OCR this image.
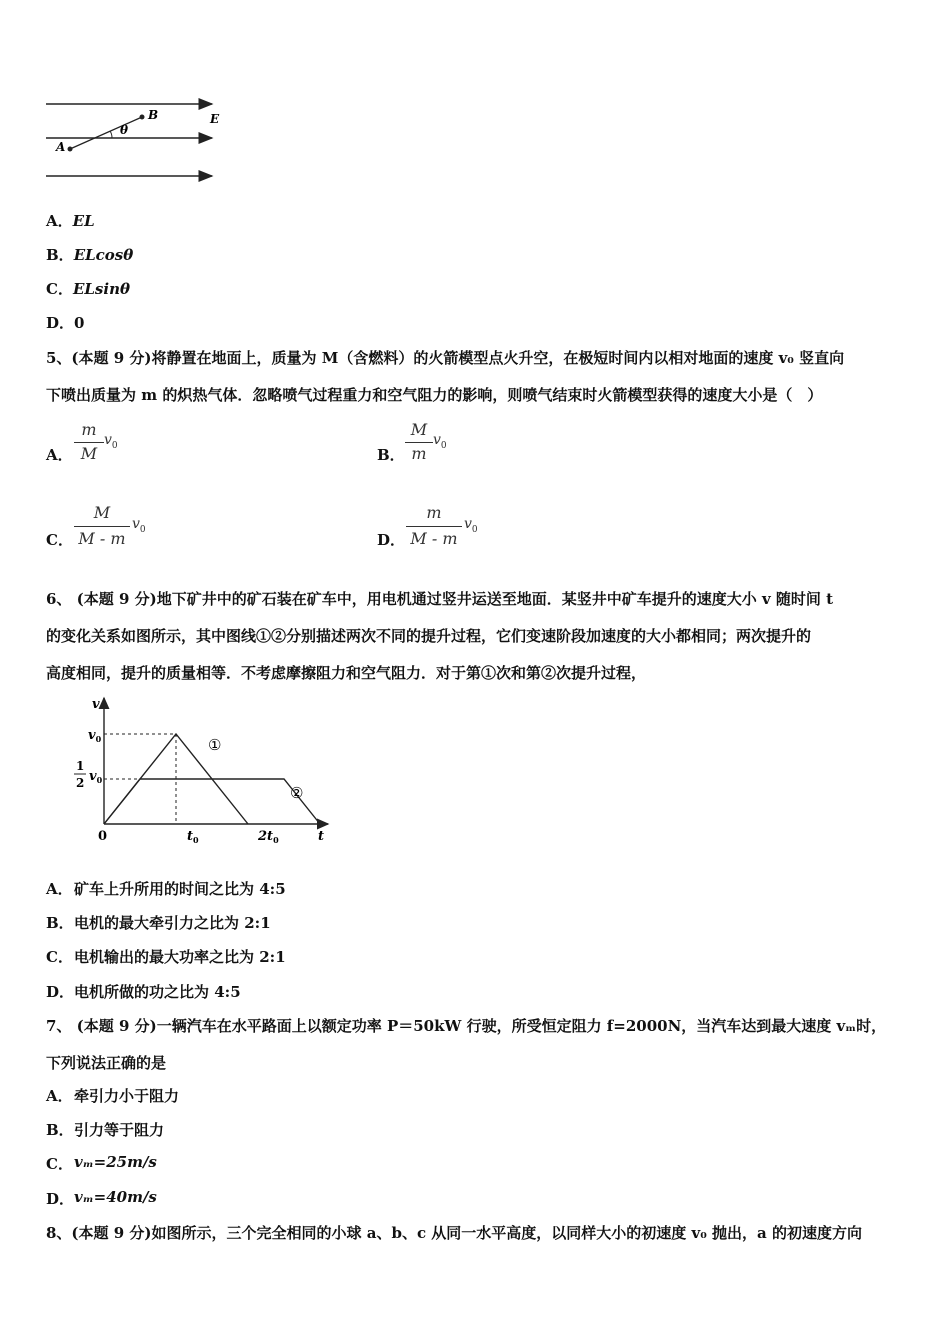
B
A
E
θ
A．EL
B．ELcosθ
C．ELsinθ
D．0
5、(本题 9 分)将静置在地面上，质量为 M（含燃料）的火箭模型点火升空，在极短时间内以相对地面的速度 v₀ 竖直向
下喷出质量为 m 的炽热气体．忽略喷气过程重力和空气阻力的影响，则喷气结束时火箭模型获得的速度大小是（　）
A．
m
M
$v_0$
B．
M
m
$v_0$
C．
M
M - m
$v_0$
D．
m
M - m
$v_0$
6、 (本题 9 分)地下矿井中的矿石装在矿车中，用电机通过竖井运送至地面．某竖井中矿车提升的速度大小 v 随时间 t
的变化关系如图所示，其中图线①②分别描述两次不同的提升过程，它们变速阶段加速度的大小都相同；两次提升的
高度相同，提升的质量相等．不考虑摩擦阻力和空气阻力．对于第①次和第②次提升过程，
v
t
0
$v_0$
1
2 $v_0$
$t_0$	$2t_0$
①
②
A． 矿车上升所用的时间之比为 4:5
B． 电机的最大牵引力之比为 2:1
C． 电机输出的最大功率之比为 2:1
D． 电机所做的功之比为 4:5
7、 (本题 9 分)一辆汽车在水平路面上以额定功率 P＝50kW 行驶，所受恒定阻力 f=2000N，当汽车达到最大速度 vₘ时，
下列说法正确的是
A． 牵引力小于阻力
B． 引力等于阻力
C． vₘ=25m/s
D． vₘ=40m/s
8、(本题 9 分)如图所示，三个完全相同的小球 a、b、c 从同一水平高度，以同样大小的初速度 v₀ 抛出，a 的初速度方向
